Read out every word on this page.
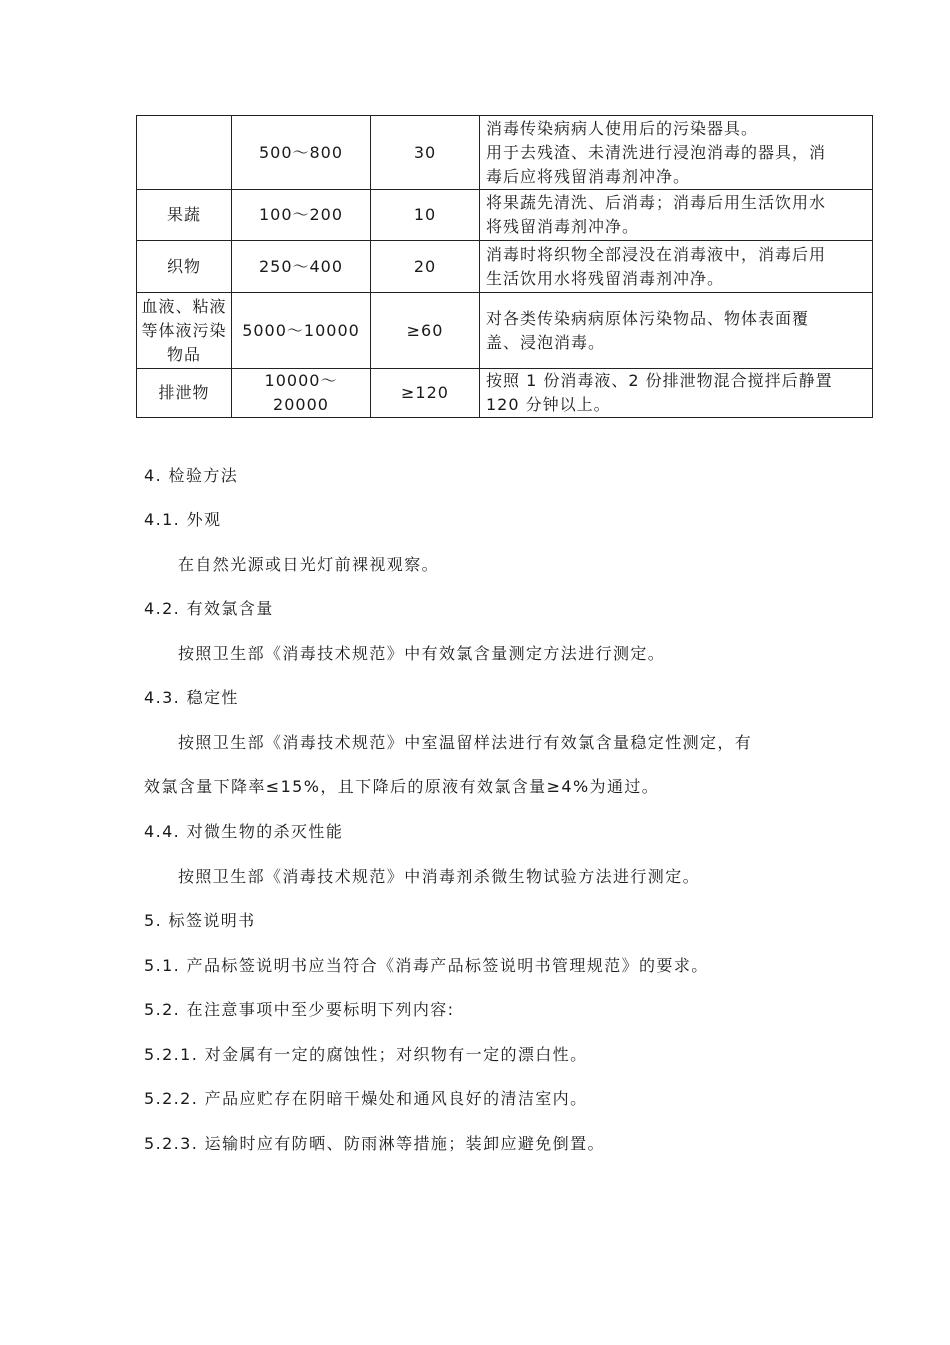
	500～800	30	消毒传染病病人使用后的污染器具。
用于去残渣、未清洗进行浸泡消毒的器具，消
毒后应将残留消毒剂冲净。

果蔬	100～200	10	将果蔬先清洗、后消毒；消毒后用生活饮用水
将残留消毒剂冲净。

织物	250～400	20	消毒时将织物全部浸没在消毒液中，消毒后用
生活饮用水将残留消毒剂冲净。

血液、粘液等体液污染物品	5000～10000	≥60	对各类传染病病原体污染物品、物体表面覆
盖、浸泡消毒。

排泄物	10000～20000	≥120	按照 1 份消毒液、2 份排泄物混合搅拌后静置
120 分钟以上。
4. 检验方法
4.1. 外观
在自然光源或日光灯前裸视观察。
4.2. 有效氯含量
按照卫生部《消毒技术规范》中有效氯含量测定方法进行测定。
4.3. 稳定性
按照卫生部《消毒技术规范》中室温留样法进行有效氯含量稳定性测定，有
效氯含量下降率≤15%，且下降后的原液有效氯含量≥4%为通过。
4.4. 对微生物的杀灭性能
按照卫生部《消毒技术规范》中消毒剂杀微生物试验方法进行测定。
5. 标签说明书
5.1. 产品标签说明书应当符合《消毒产品标签说明书管理规范》的要求。
5.2. 在注意事项中至少要标明下列内容:
5.2.1. 对金属有一定的腐蚀性；对织物有一定的漂白性。
5.2.2. 产品应贮存在阴暗干燥处和通风良好的清洁室内。
5.2.3. 运输时应有防晒、防雨淋等措施；装卸应避免倒置。
